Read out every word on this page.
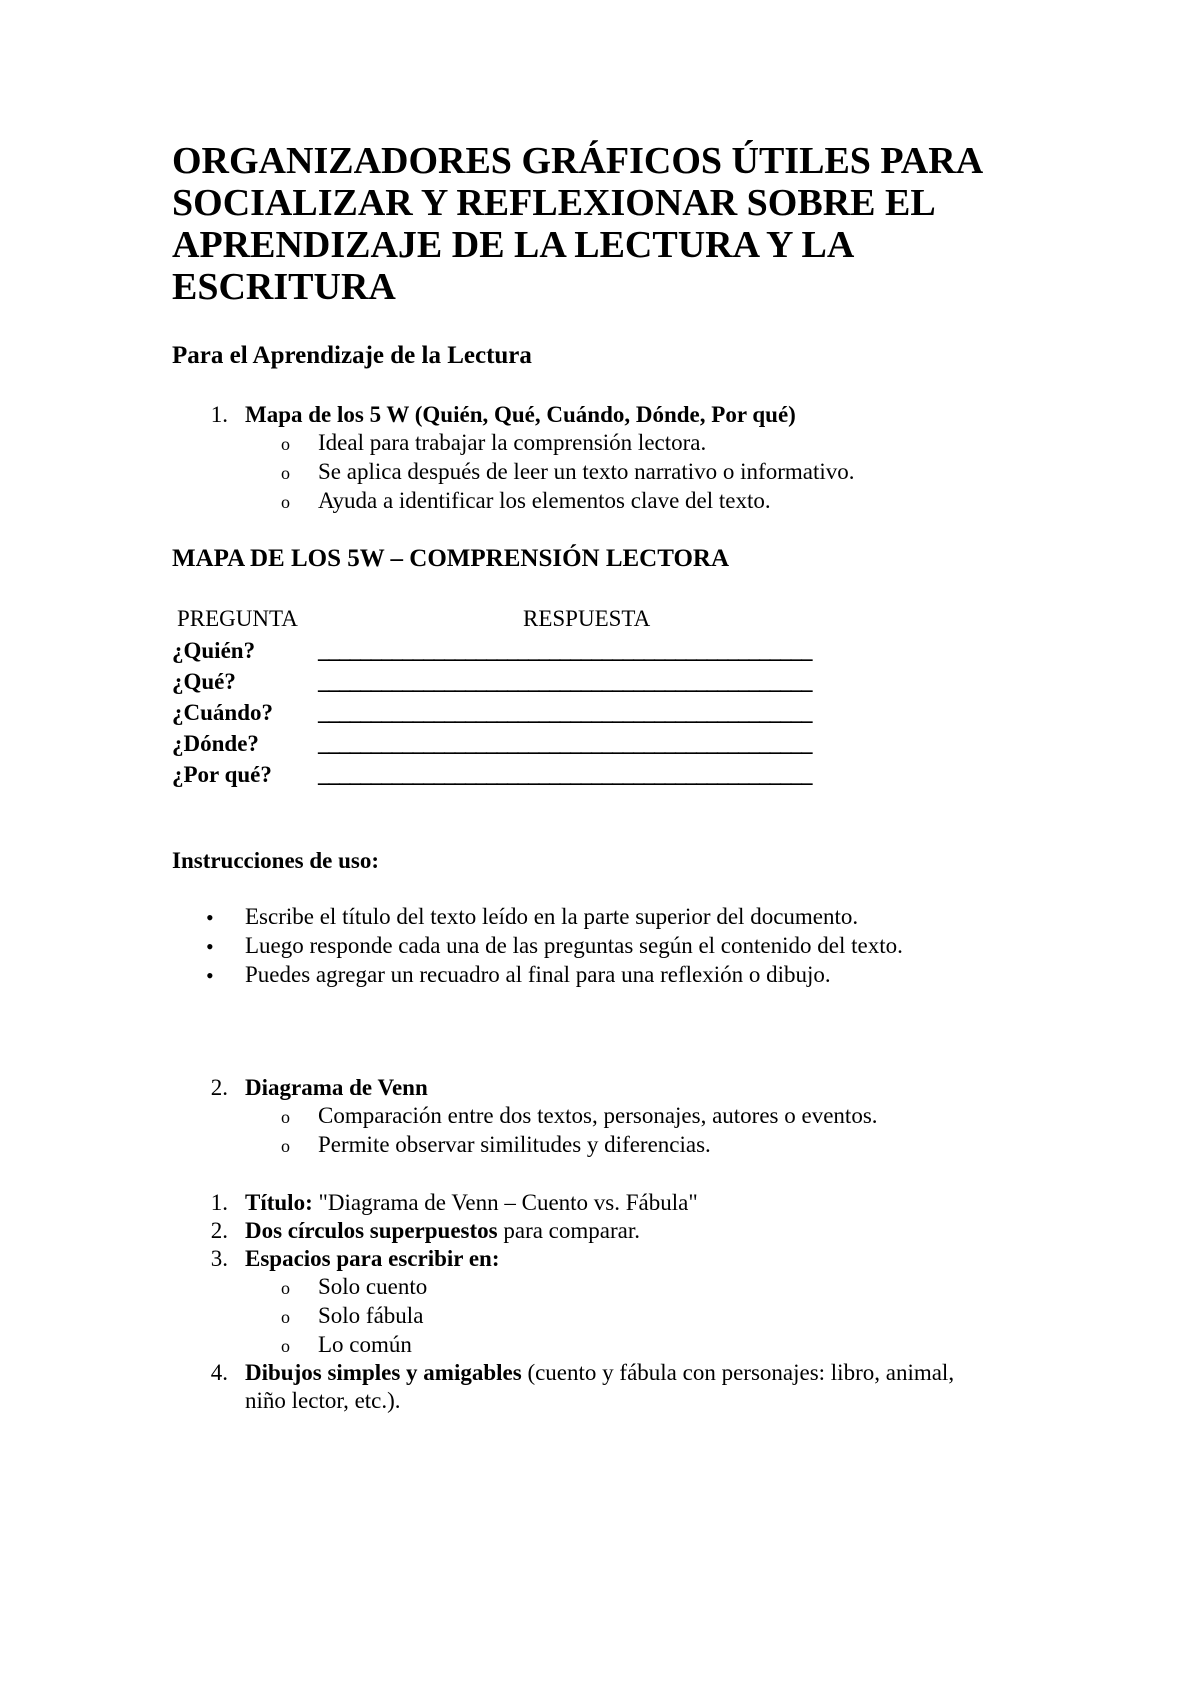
ORGANIZADORES GRÁFICOS ÚTILES PARA SOCIALIZAR Y REFLEXIONAR SOBRE EL APRENDIZAJE DE LA LECTURA Y LA ESCRITURA
Para el Aprendizaje de la Lectura
1. Mapa de los 5 W (Quién, Qué, Cuándo, Dónde, Por qué)
o Ideal para trabajar la comprensión lectora.
o Se aplica después de leer un texto narrativo o informativo.
o Ayuda a identificar los elementos clave del texto.
MAPA DE LOS 5W – COMPRENSIÓN LECTORA
PREGUNTA	RESPUESTA
¿Quién?	_______________________________________________
¿Qué?	_______________________________________________
¿Cuándo? _______________________________________________
¿Dónde?	_______________________________________________
¿Por qué? _______________________________________________
Instrucciones de uso:
• Escribe el título del texto leído en la parte superior del documento.
• Luego responde cada una de las preguntas según el contenido del texto.
• Puedes agregar un recuadro al final para una reflexión o dibujo.
2. Diagrama de Venn
o Comparación entre dos textos, personajes, autores o eventos.
o Permite observar similitudes y diferencias.
1. Título: "Diagrama de Venn – Cuento vs. Fábula"
2. Dos círculos superpuestos para comparar.
3. Espacios para escribir en:
o Solo cuento
o Solo fábula
o Lo común
4. Dibujos simples y amigables (cuento y fábula con personajes: libro, animal,
niño lector, etc.).
